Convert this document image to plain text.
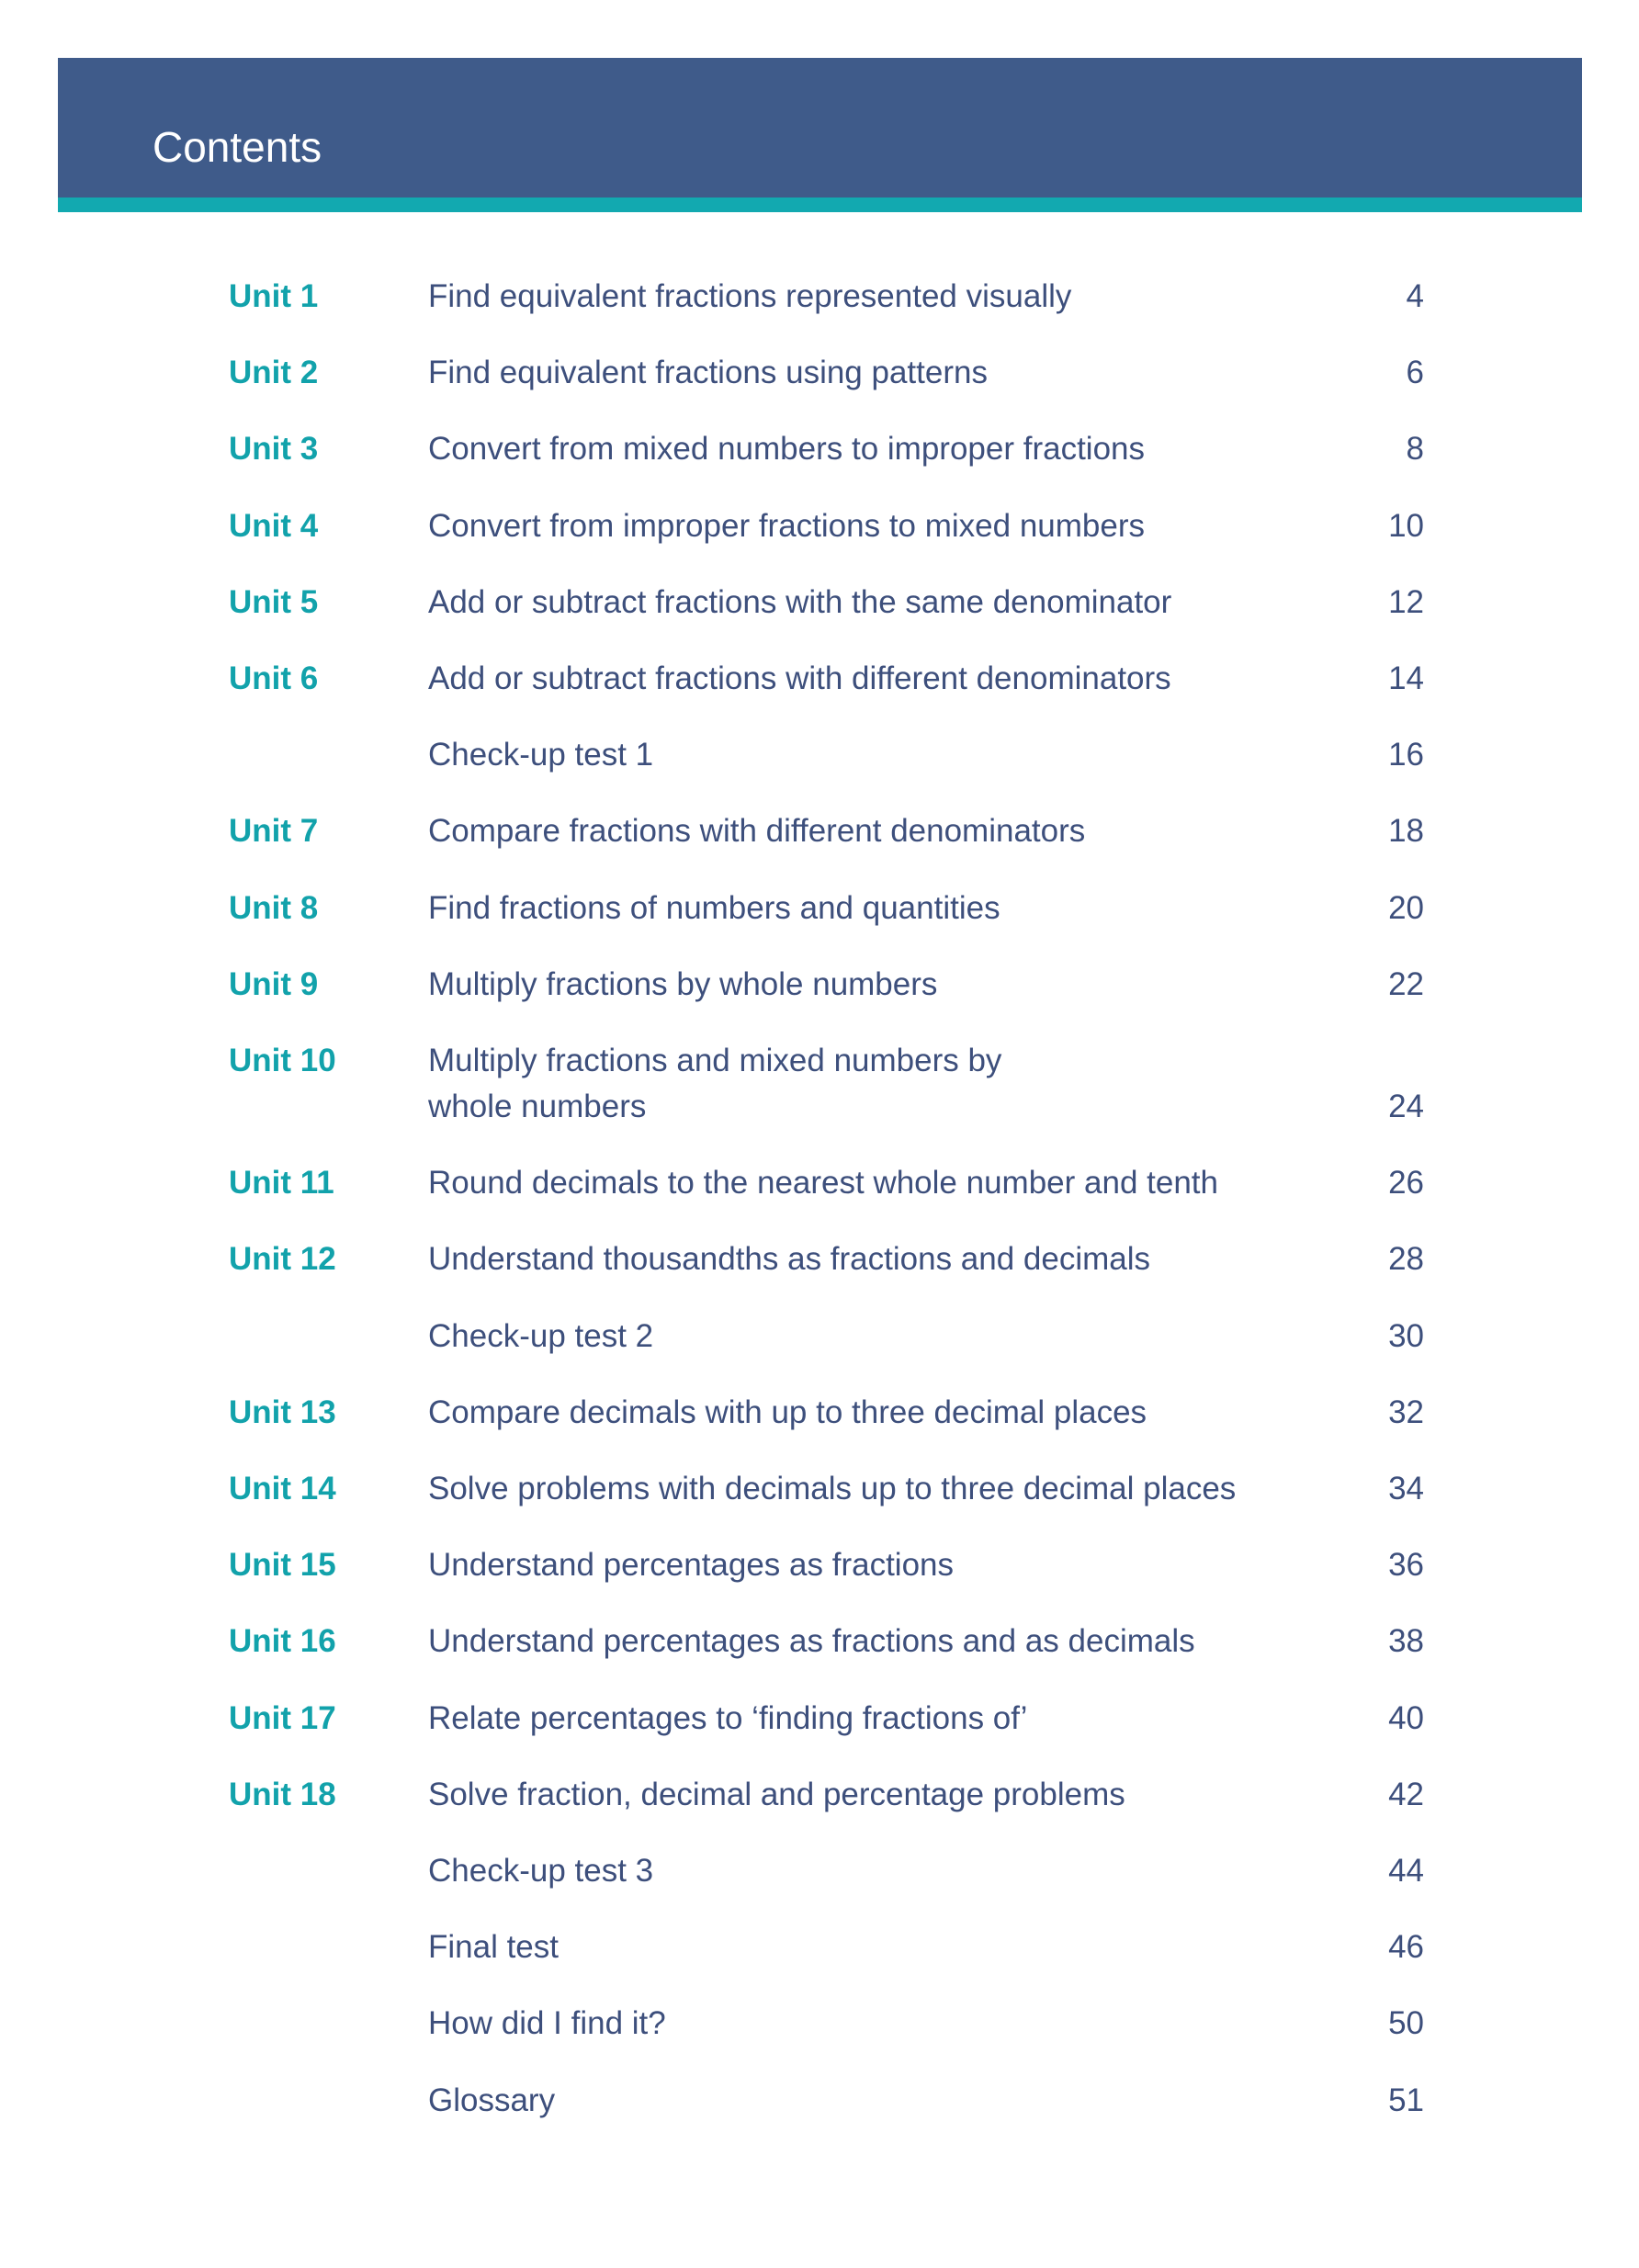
Contents
Unit 1	Find equivalent fractions represented visually	4
Unit 2	Find equivalent fractions using patterns	6
Unit 3	Convert from mixed numbers to improper fractions	8
Unit 4	Convert from improper fractions to mixed numbers	10
Unit 5	Add or subtract fractions with the same denominator	12
Unit 6	Add or subtract fractions with different denominators	14
Check-up test 1	16
Unit 7	Compare fractions with different denominators	18
Unit 8	Find fractions of numbers and quantities	20
Unit 9	Multiply fractions by whole numbers	22
Unit 10	Multiply fractions and mixed numbers by
whole numbers	24
Unit 11	Round decimals to the nearest whole number and tenth	26
Unit 12	Understand thousandths as fractions and decimals	28
Check-up test 2	30
Unit 13	Compare decimals with up to three decimal places	32
Unit 14	Solve problems with decimals up to three decimal places	34
Unit 15	Understand percentages as fractions	36
Unit 16	Understand percentages as fractions and as decimals	38
Unit 17	Relate percentages to ‘finding fractions of’	40
Unit 18	Solve fraction, decimal and percentage problems	42
Check-up test 3	44
Final test	46
How did I find it?	50
Glossary	51
